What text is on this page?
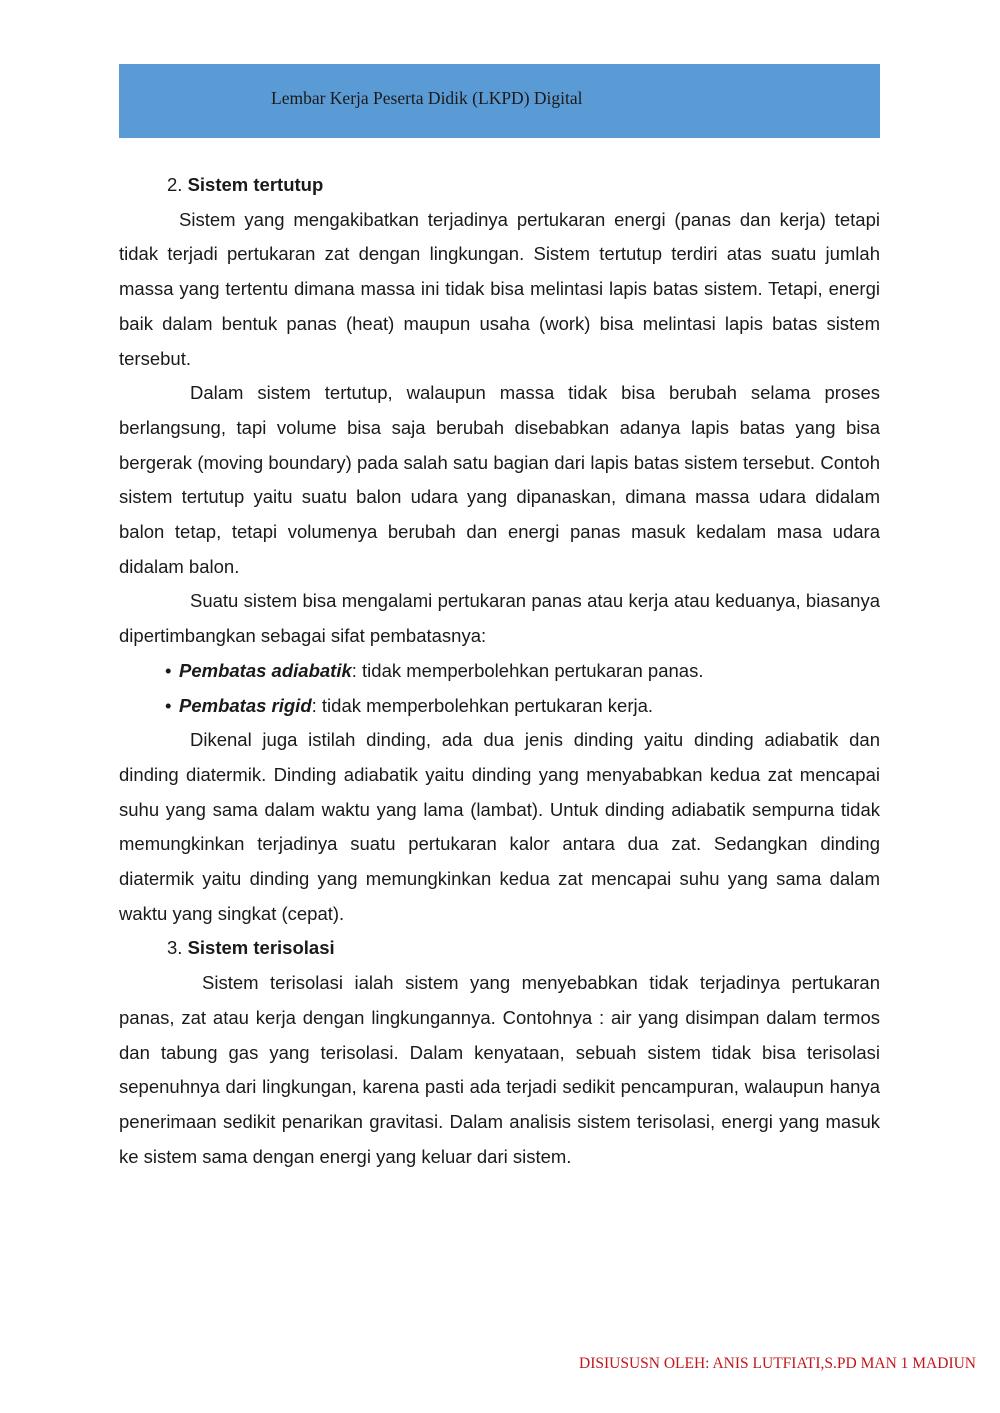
Lembar Kerja Peserta Didik (LKPD) Digital
2. Sistem tertutup

Sistem yang mengakibatkan terjadinya pertukaran energi (panas dan kerja) tetapi tidak terjadi pertukaran zat dengan lingkungan. Sistem tertutup terdiri atas suatu jumlah massa yang tertentu dimana massa ini tidak bisa melintasi lapis batas sistem. Tetapi, energi baik dalam bentuk panas (heat) maupun usaha (work) bisa melintasi lapis batas sistem tersebut.

Dalam sistem tertutup, walaupun massa tidak bisa berubah selama proses berlangsung, tapi volume bisa saja berubah disebabkan adanya lapis batas yang bisa bergerak (moving boundary) pada salah satu bagian dari lapis batas sistem tersebut. Contoh sistem tertutup yaitu suatu balon udara yang dipanaskan, dimana massa udara didalam balon tetap, tetapi volumenya berubah dan energi panas masuk kedalam masa udara didalam balon.

Suatu sistem bisa mengalami pertukaran panas atau kerja atau keduanya, biasanya dipertimbangkan sebagai sifat pembatasnya:

• Pembatas adiabatik: tidak memperbolehkan pertukaran panas.
• Pembatas rigid: tidak memperbolehkan pertukaran kerja.

Dikenal juga istilah dinding, ada dua jenis dinding yaitu dinding adiabatik dan dinding diatermik. Dinding adiabatik yaitu dinding yang menyababkan kedua zat mencapai suhu yang sama dalam waktu yang lama (lambat). Untuk dinding adiabatik sempurna tidak memungkinkan terjadinya suatu pertukaran kalor antara dua zat. Sedangkan dinding diatermik yaitu dinding yang memungkinkan kedua zat mencapai suhu yang sama dalam waktu yang singkat (cepat).

3. Sistem terisolasi

Sistem terisolasi ialah sistem yang menyebabkan tidak terjadinya pertukaran panas, zat atau kerja dengan lingkungannya. Contohnya : air yang disimpan dalam termos dan tabung gas yang terisolasi. Dalam kenyataan, sebuah sistem tidak bisa terisolasi sepenuhnya dari lingkungan, karena pasti ada terjadi sedikit pencampuran, walaupun hanya penerimaan sedikit penarikan gravitasi. Dalam analisis sistem terisolasi, energi yang masuk ke sistem sama dengan energi yang keluar dari sistem.

DISIUSUSN OLEH: ANIS LUTFIATI,S.PD MAN 1 MADIUN
